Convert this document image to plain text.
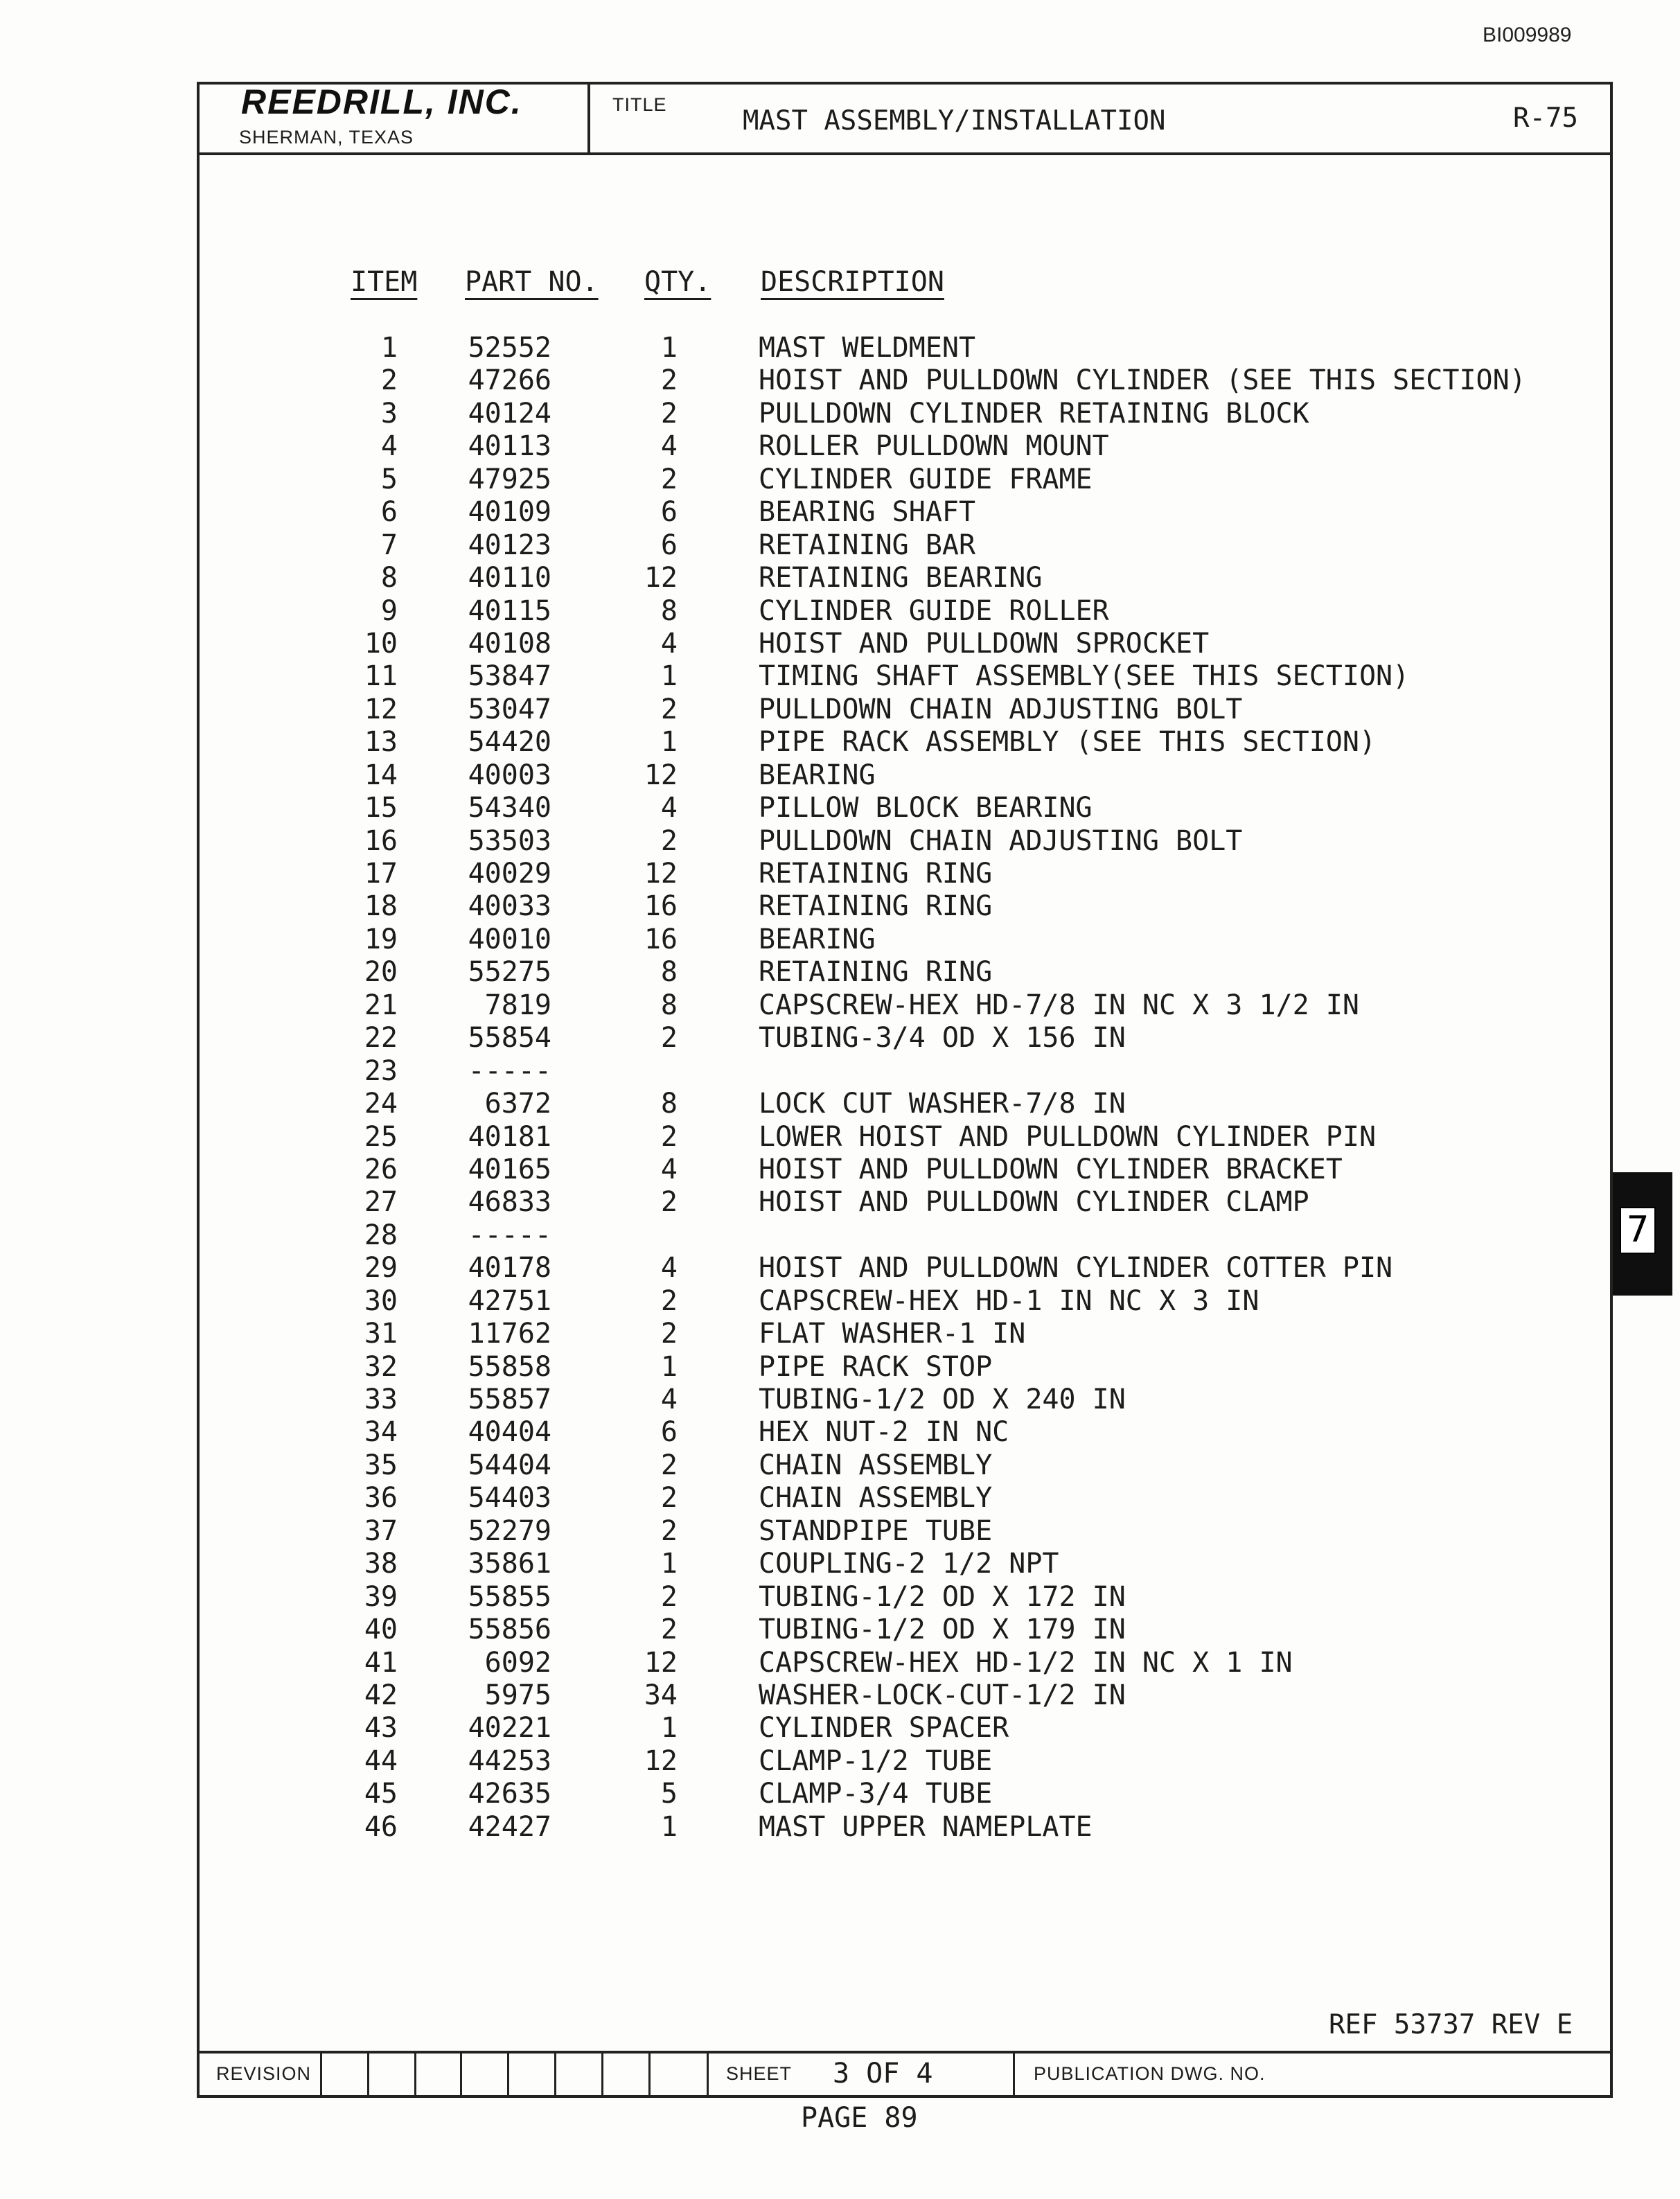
BI009989
REEDRILL, INC.
SHERMAN, TEXAS
TITLE
MAST ASSEMBLY/INSTALLATION	R-75
ITEM PART NO. QTY. DESCRIPTION
1	52552	1	MAST WELDMENT
2	47266	2	HOIST AND PULLDOWN CYLINDER (SEE THIS SECTION)
3	40124	2	PULLDOWN CYLINDER RETAINING BLOCK
4	40113	4	ROLLER PULLDOWN MOUNT
5	47925	2	CYLINDER GUIDE FRAME
6	40109	6	BEARING SHAFT
7	40123	6	RETAINING BAR
8	40110	12	RETAINING BEARING
9	40115	8	CYLINDER GUIDE ROLLER
10	40108	4	HOIST AND PULLDOWN SPROCKET
11	53847	1	TIMING SHAFT ASSEMBLY(SEE THIS SECTION)
12	53047	2	PULLDOWN CHAIN ADJUSTING BOLT
13	54420	1	PIPE RACK ASSEMBLY (SEE THIS SECTION)
14	40003	12	BEARING
15	54340	4	PILLOW BLOCK BEARING
16	53503	2	PULLDOWN CHAIN ADJUSTING BOLT
17	40029	12	RETAINING RING
18	40033	16	RETAINING RING
19	40010	16	BEARING
20	55275	8	RETAINING RING
21	7819	8	CAPSCREW-HEX HD-7/8 IN NC X 3 1/2 IN
22	55854	2	TUBING-3/4 OD X 156 IN
23	-----
24	6372	8	LOCK CUT WASHER-7/8 IN
25	40181	2	LOWER HOIST AND PULLDOWN CYLINDER PIN
26	40165	4	HOIST AND PULLDOWN CYLINDER BRACKET
27	46833	2	HOIST AND PULLDOWN CYLINDER CLAMP
28	-----
29	40178	4	HOIST AND PULLDOWN CYLINDER COTTER PIN
30	42751	2	CAPSCREW-HEX HD-1 IN NC X 3 IN
31	11762	2	FLAT WASHER-1 IN
32	55858	1	PIPE RACK STOP
33	55857	4	TUBING-1/2 OD X 240 IN
34	40404	6	HEX NUT-2 IN NC
35	54404	2	CHAIN ASSEMBLY
36	54403	2	CHAIN ASSEMBLY
37	52279	2	STANDPIPE TUBE
38	35861	1	COUPLING-2 1/2 NPT
39	55855	2	TUBING-1/2 OD X 172 IN
40	55856	2	TUBING-1/2 OD X 179 IN
41	6092	12	CAPSCREW-HEX HD-1/2 IN NC X 1 IN
42	5975	34	WASHER-LOCK-CUT-1/2 IN
43	40221	1	CYLINDER SPACER
44	44253	12	CLAMP-1/2 TUBE
45	42635	5	CLAMP-3/4 TUBE
46	42427	1	MAST UPPER NAMEPLATE
REF 53737 REV E
REVISION	SHEET 3 OF 4	PUBLICATION DWG. NO.
PAGE 89
7
